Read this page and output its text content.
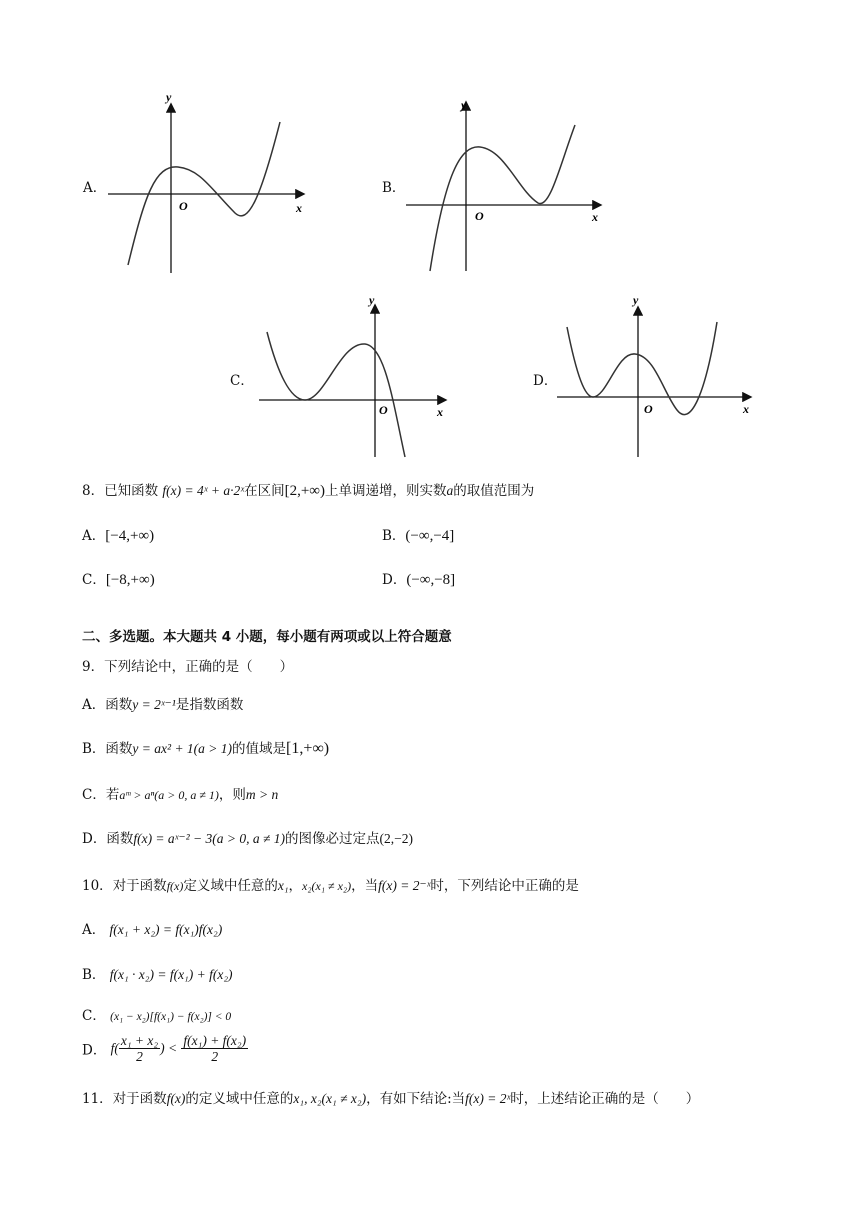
A．
y
x
O
B．
y
x
O
C．
y
x
O
D．
y
x
O
8．已知函数 f(x) = 4ˣ + a·2ˣ在区间[2,+∞)上单调递增，则实数a的取值范围为
A．[−4,+∞)	B．(−∞,−4]
C．[−8,+∞)	D．(−∞,−8]
二、多选题。本大题共 4 小题，每小题有两项或以上符合题意
9．下列结论中，正确的是（　　）
A．函数y = 2ˣ⁻¹是指数函数
B．函数y = ax² + 1(a > 1)的值域是[1,+∞)
C．若aᵐ > aⁿ(a > 0, a ≠ 1)，则m > n
D．函数f(x) = aˣ⁻² − 3(a > 0, a ≠ 1)的图像必过定点(2,−2)
10．对于函数f(x)定义域中任意的x₁，x₂(x₁ ≠ x₂)，当f(x) = 2⁻ˣ时，下列结论中正确的是
A． f(x₁ + x₂) = f(x₁)f(x₂)
B． f(x₁ · x₂) = f(x₁) + f(x₂)
C． (x₁ − x₂)[f(x₁) − f(x₂)] < 0
D． $f( \frac{\text{x₁ + x₂}}{2}$ ) < $\frac{\text{f(x₁) + f(x₂)}}{2}$
11．对于函数f(x)的定义域中任意的x₁, x₂(x₁ ≠ x₂)，有如下结论:当f(x) = 2ˣ时，上述结论正确的是（　　）
